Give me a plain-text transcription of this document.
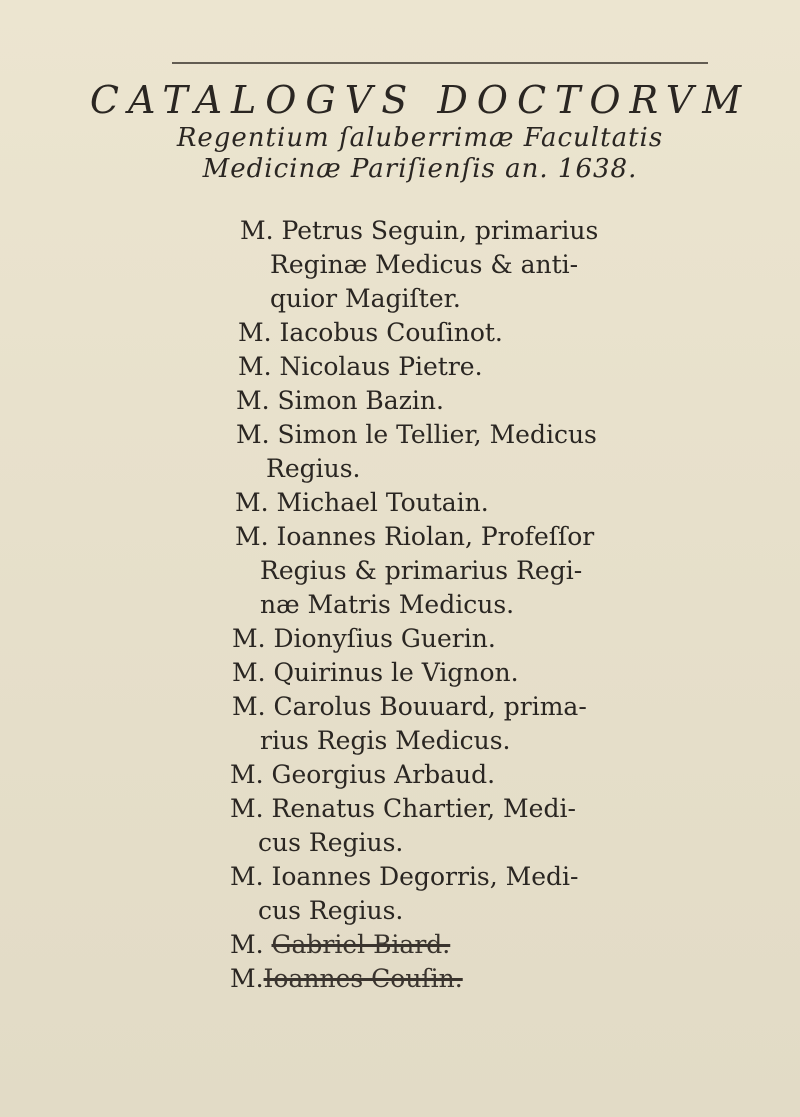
CATALOGVS DOCTORVM
Regentium ſaluberrimæ Facultatis
Medicinæ Pariſienſis an. 1638.
M. Petrus Seguin, primarius
Reginæ Medicus & anti-
quior Magiſter.
M. Iacobus Couſinot.
M. Nicolaus Pietre.
M. Simon Bazin.
M. Simon le Tellier, Medicus
Regius.
M. Michael Toutain.
M. Ioannes Riolan, Profeſſor
Regius & primarius Regi-
næ Matris Medicus.
M. Dionyſius Guerin.
M. Quirinus le Vignon.
M. Carolus Bouuard, prima-
rius Regis Medicus.
M. Georgius Arbaud.
M. Renatus Chartier, Medi-
cus Regius.
M. Ioannes Degorris, Medi-
cus Regius.
M. Gabriel Biard.
M.Ioannes Couſin.
